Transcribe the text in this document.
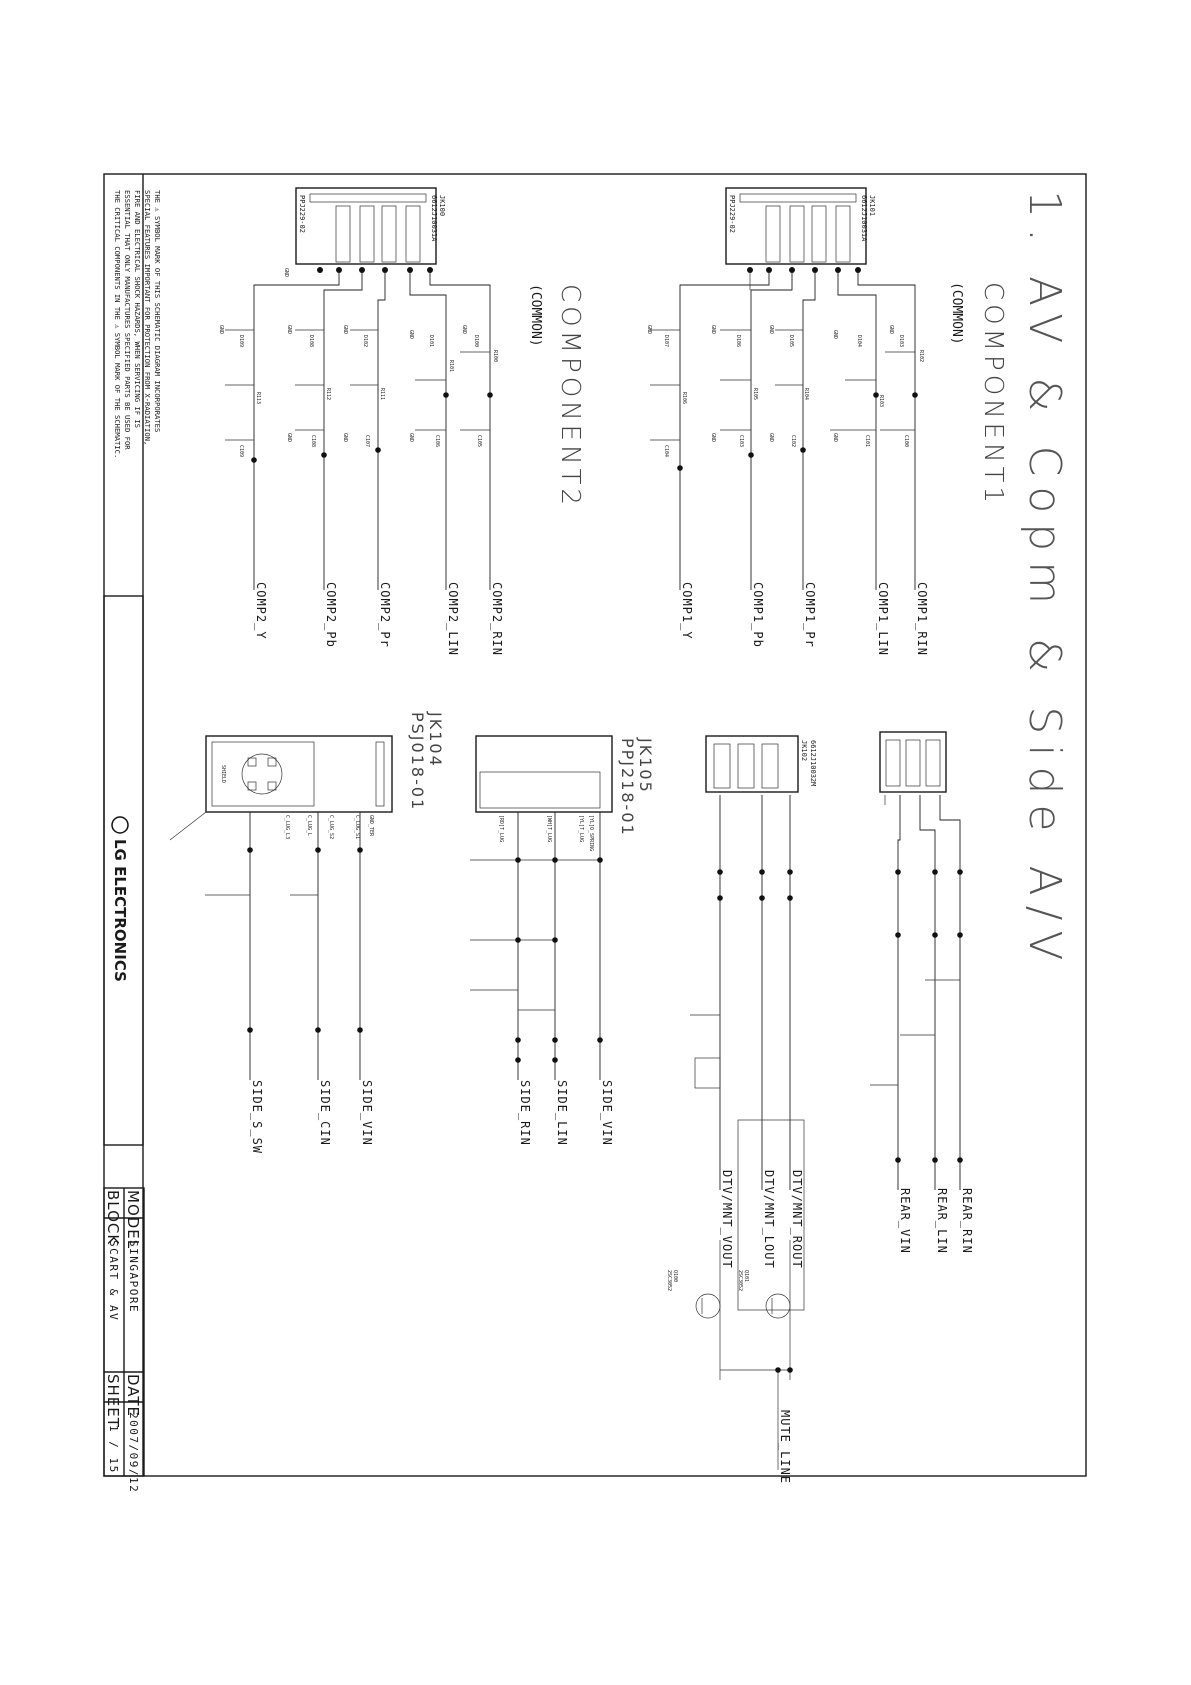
1. AV & Copm & Side A/V
COMPONENT1
(COMMON)
COMPONENT2
(COMMON)
JK101
6612J10031A
PPJ229-02
COMP1_RIN
COMP1_LIN
COMP1_Pr
COMP1_Pb
COMP1_Y
R102
R103
R104
R105
R106
D103
D104
D105
D106
D107
C100
C101
C102
C103
C104
GND
GND
GND
GND
GND
GND
GND
GND
JK100
6612J10031A
PPJ229-02
COMP2_RIN
COMP2_LIN
COMP2_Pr
COMP2_Pb
COMP2_Y
R100
R101
R111
R112
R113
D100
D101
D102
D108
D109
C105
C106
C107
C108
C109
GND
GND
GND
GND
GND
GND
GND
GND
GND
THE ⚠ SYMBOL MARK OF THIS SCHEMATIC DIAGRAM INCORPORATES
SPECIAL FEATURES IMPORTANT FOR PROTECTION FROM X-RADIATION,
FIRE AND ELECTRICAL SHOCK HAZARDS, WHEN SERVICING IF IS
ESSENTIAL THAT ONLY MANUFACTURES SPECIFIED PARTS BE USED FOR
THE CRITICAL COMPONENTS IN THE ⚠ SYMBOL MARK OF THE SCHEMATIC.
REAR_RIN
REAR_LIN
REAR_VIN
JK102 6612J10032M
Q101
2SC3052
Q100
2SC3052
DTV/MNT_ROUT
DTV/MNT_LOUT
DTV/MNT_VOUT
MUTE_LINE
JK105
PPJ218-01
[YL]O_SPRING
[YL]T_LUG
[WH]T_LUG
[RD]T_LUG
SIDE_VIN
SIDE_LIN
SIDE_RIN
JK104
PSJ018-01
GND_TER
C_LUG_S1
C_LUG_S2
C_LUG_L
C_LUG_L3
SHIELD
SIDE_VIN
SIDE_CIN
SIDE_S_SW
LG ELECTRONICS
MODEL
BLOCK
SINGAPORE
SCART & AV
DATE
SHEET
2007/09/12
1 / 15
